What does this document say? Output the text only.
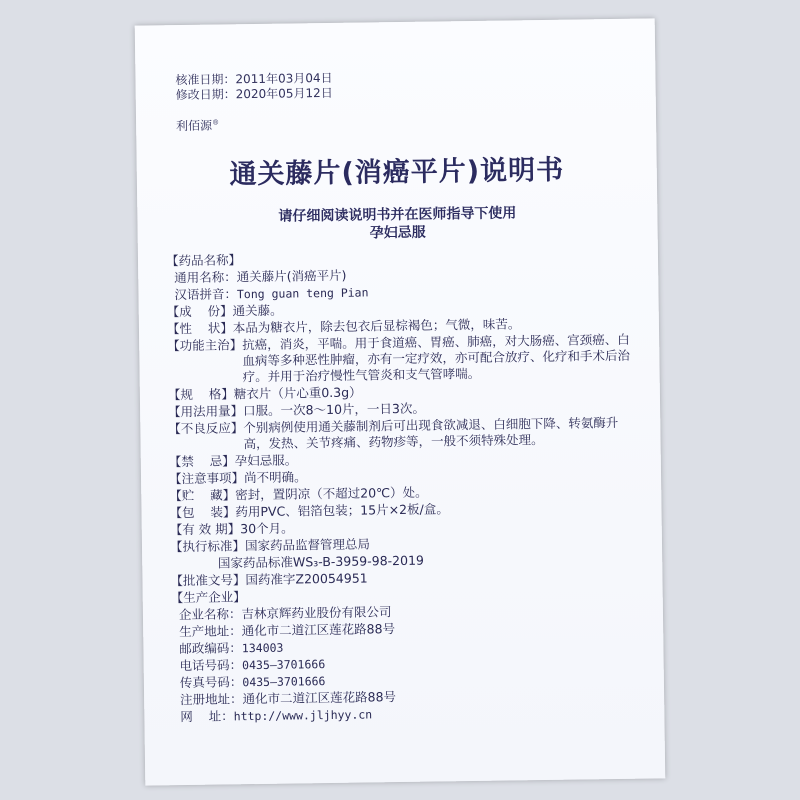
核准日期：2011年03月04日
修改日期：2020年05月12日
利佰源®
通关藤片(消癌平片)说明书
请仔细阅读说明书并在医师指导下使用
孕妇忌服
【药品名称】
通用名称： 通关藤片(消癌平片)
汉语拼音： Tong guan teng Pian
【成    份】 通关藤。
【性    状】 本品为糖衣片，除去包衣后显棕褐色；气微，味苦。
【功能主治】 抗癌，消炎，平喘。用于食道癌、胃癌、肺癌，对大肠癌、宫颈癌、白血病等多种恶性肿瘤，亦有一定疗效，亦可配合放疗、化疗和手术后治疗。并用于治疗慢性气管炎和支气管哮喘。
【规    格】 糖衣片（片心重0.3g）
【用法用量】 口服。一次8～10片，一日3次。
【不良反应】 个别病例使用通关藤制剂后可出现食欲减退、白细胞下降、转氨酶升高，发热、关节疼痛、药物疹等，一般不须特殊处理。
【禁    忌】 孕妇忌服。
【注意事项】 尚不明确。
【贮    藏】 密封，置阴凉（不超过20℃）处。
【包    装】 药用PVC、铝箔包装；15片×2板/盒。
【有 效 期】 30个月。
【执行标准】 国家药品监督管理总局

国家药品标准WS₃-B-3959-98-2019
【批准文号】 国药准字Z20054951
【生产企业】
企业名称： 吉林京辉药业股份有限公司
生产地址： 通化市二道江区莲花路88号
邮政编码： 134003
电话号码： 0435—3701666
传真号码： 0435—3701666
注册地址： 通化市二道江区莲花路88号
网    址： http://www.jljhyy.cn
